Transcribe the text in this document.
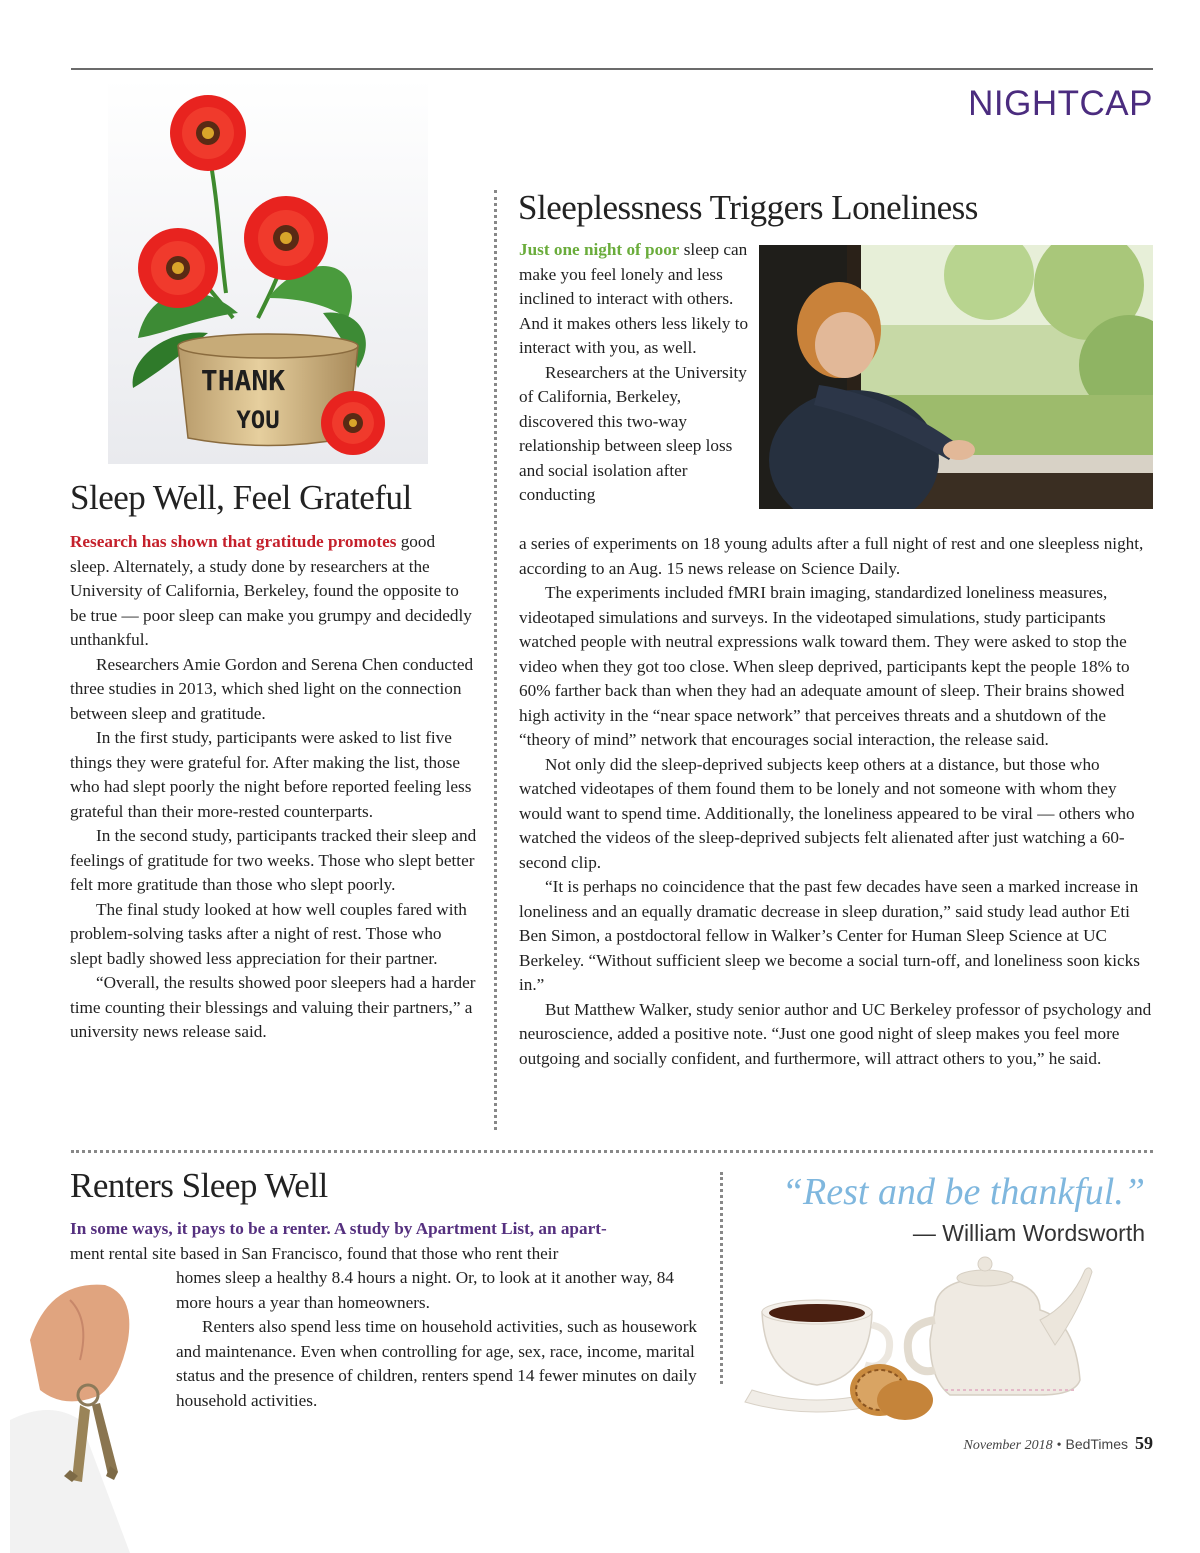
NIGHTCAP
THANK
YOU
Sleep Well, Feel Grateful

Research has shown that gratitude promotes good sleep. Alternately, a study done by researchers at the University of California, Berkeley, found the opposite to be true — poor sleep can make you grumpy and decidedly unthankful.

Researchers Amie Gordon and Serena Chen conducted three studies in 2013, which shed light on the connection between sleep and gratitude.

In the first study, participants were asked to list five things they were grateful for. After making the list, those who had slept poorly the night before reported feeling less grateful than their more-rested counterparts.

In the second study, participants tracked their sleep and feelings of gratitude for two weeks. Those who slept better felt more gratitude than those who slept poorly.

The final study looked at how well couples fared with problem-solving tasks after a night of rest. Those who slept badly showed less appreciation for their partner.

“Overall, the results showed poor sleepers had a harder time counting their blessings and valuing their partners,” a university news release said.

Sleeplessness Triggers Loneliness

Just one night of poor sleep can make you feel lonely and less inclined to interact with others. And it makes others less likely to interact with you, as well.

Researchers at the University of California, Berkeley, discovered this two-way relationship between sleep loss and social isolation after conducting

a series of experiments on 18 young adults after a full night of rest and one sleepless night, according to an Aug. 15 news release on Science Daily.

The experiments included fMRI brain imaging, standardized loneliness measures, videotaped simulations and surveys. In the videotaped simulations, study participants watched people with neutral expressions walk toward them. They were asked to stop the video when they got too close. When sleep deprived, participants kept the people 18% to 60% farther back than when they had an adequate amount of sleep. Their brains showed high activity in the “near space network” that perceives threats and a shutdown of the “theory of mind” network that encourages social interaction, the release said.

Not only did the sleep-deprived subjects keep others at a distance, but those who watched videotapes of them found them to be lonely and not someone with whom they would want to spend time. Additionally, the loneliness appeared to be viral — others who watched the videos of the sleep-deprived subjects felt alienated after just watching a 60-second clip.

“It is perhaps no coincidence that the past few decades have seen a marked increase in loneliness and an equally dramatic decrease in sleep duration,” said study lead author Eti Ben Simon, a postdoctoral fellow in Walker’s Center for Human Sleep Science at UC Berkeley. “Without sufficient sleep we become a social turn-off, and loneliness soon kicks in.”

But Matthew Walker, study senior author and UC Berkeley professor of psychology and neuroscience, added a positive note. “Just one good night of sleep makes you feel more outgoing and socially confident, and furthermore, will attract others to you,” he said.

Renters Sleep Well

In some ways, it pays to be a renter. A study by Apartment List, an apart-

ment rental site based in San Francisco, found that those who rent their

homes sleep a healthy 8.4 hours a night. Or, to look at it another way, 84 more hours a year than homeowners.

Renters also spend less time on household activities, such as housework and maintenance. Even when controlling for age, sex, race, income, marital status and the presence of children, renters spend 14 fewer minutes on daily household activities.

“Rest and be thankful.”
— William Wordsworth
November 2018 • BedTimes 59
